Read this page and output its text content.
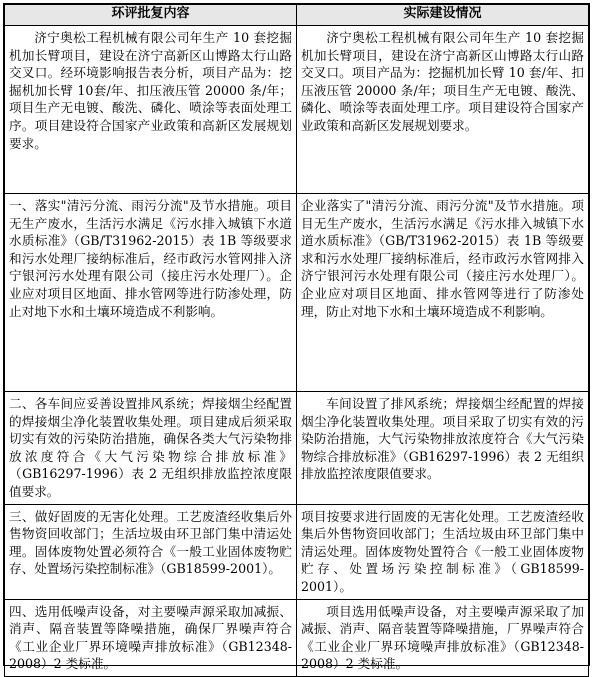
环评批复内容	实际建设情况
济宁奥松工程机械有限公司年生产 10 套挖掘机加长臂项目，建设在济宁高新区山博路太行山路交叉口。经环境影响报告表分析，项目产品为：挖掘机加长臂 10套/年、扣压液压管 20000 条/年；项目生产无电镀、酸洗、磷化、喷涂等表面处理工序。项目建设符合国家产业政策和高新区发展规划要求。	济宁奥松工程机械有限公司年生产 10 套挖掘机加长臂项目，建设在济宁高新区山博路太行山路交叉口。项目产品为：挖掘机加长臂 10 套/年、扣压液压管 20000 条/年；项目生产无电镀、酸洗、磷化、喷涂等表面处理工序。项目建设符合国家产业政策和高新区发展规划要求。
一、落实"清污分流、雨污分流"及节水措施。项目无生产废水，生活污水满足《污水排入城镇下水道水质标准》（GB/T31962-2015）表 1B 等级要求和污水处理厂接纳标准后，经市政污水管网排入济宁银河污水处理有限公司（接庄污水处理厂）。企业应对项目区地面、排水管网等进行防渗处理，防止对地下水和土壤环境造成不利影响。	企业落实了"清污分流、雨污分流"及节水措施。项目无生产废水，生活污水满足《污水排入城镇下水道水质标准》（GB/T31962-2015）表 1B 等级要求和污水处理厂接纳标准后，经市政污水管网排入济宁银河污水处理有限公司（接庄污水处理厂）。企业应对项目区地面、排水管网等进行了防渗处理，防止对地下水和土壤环境造成不利影响。
二、各车间应妥善设置排风系统；焊接烟尘经配置的焊接烟尘净化装置收集处理。项目建成后须采取切实有效的污染防治措施，确保各类大气污染物排放浓度符合《大气污染物综合排放标准》（GB16297-1996）表 2 无组织排放监控浓度限值要求。	车间设置了排风系统；焊接烟尘经配置的焊接烟尘净化装置收集处理。项目采取了切实有效的污染防治措施，大气污染物排放浓度符合《大气污染物综合排放标准》（GB16297-1996）表 2 无组织排放监控浓度限值要求。
三、做好固废的无害化处理。工艺废渣经收集后外售物资回收部门；生活垃圾由环卫部门集中清运处理。固体废物处置必须符合《一般工业固体废物贮存、处置场污染控制标准》（GB18599-2001）。	项目按要求进行固废的无害化处理。工艺废渣经收集后外售物资回收部门；生活垃圾由环卫部门集中清运处理。固体废物处置符合《一般工业固体废物贮存、处置场污染控制标准》（GB18599-2001）。
四、选用低噪声设备，对主要噪声源采取加减振、消声、隔音装置等降噪措施，确保厂界噪声符合《工业企业厂界环境噪声排放标准》（GB12348-2008）2 类标准。	项目选用低噪声设备，对主要噪声源采取了加减振、消声、隔音装置等降噪措施，厂界噪声符合《工业企业厂界环境噪声排放标准》（GB12348-2008）2 类标准。
